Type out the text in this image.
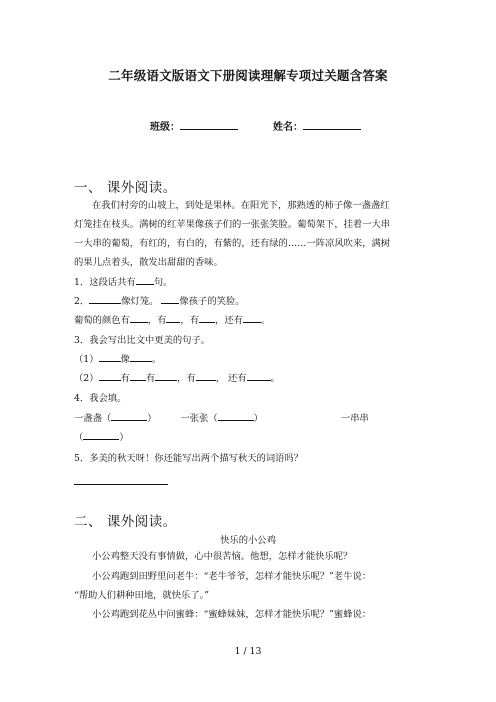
二年级语文版语文下册阅读理解专项过关题含答案
班级：	姓名：
一、 课外阅读。
在我们村旁的山坡上，到处是果林。在阳光下，那熟透的柿子像一盏盏红
灯笼挂在枝头。满树的红苹果像孩子们的一张张笑脸。葡萄架下，挂着一大串
一大串的葡萄，有红的，有白的，有紫的，还有绿的……一阵凉风吹来，满树
的果儿点着头，散发出甜甜的香味。
1．这段话共有 句。
2．	像灯笼。 像孩子的笑脸。
葡萄的颜色有 ，有 ，有 ，还有 。
3．我会写出比文中更美的句子。
（1） 像 。
（2） 有 有 ，有 ， 还有	。
4．我会填。
一盏盏（	）	一张张（	）	一串串
（	）
5．多美的秋天呀！你还能写出两个描写秋天的词语吗？
二、 课外阅读。
快乐的小公鸡
小公鸡整天没有事情做，心中很苦恼。他想，怎样才能快乐呢？
小公鸡跑到田野里问老牛：“老牛爷爷，怎样才能快乐呢？”老牛说：
“帮助人们耕种田地，就快乐了。”
小公鸡跑到花丛中问蜜蜂：“蜜蜂妹妹，怎样才能快乐呢？”蜜蜂说：
1 / 13
